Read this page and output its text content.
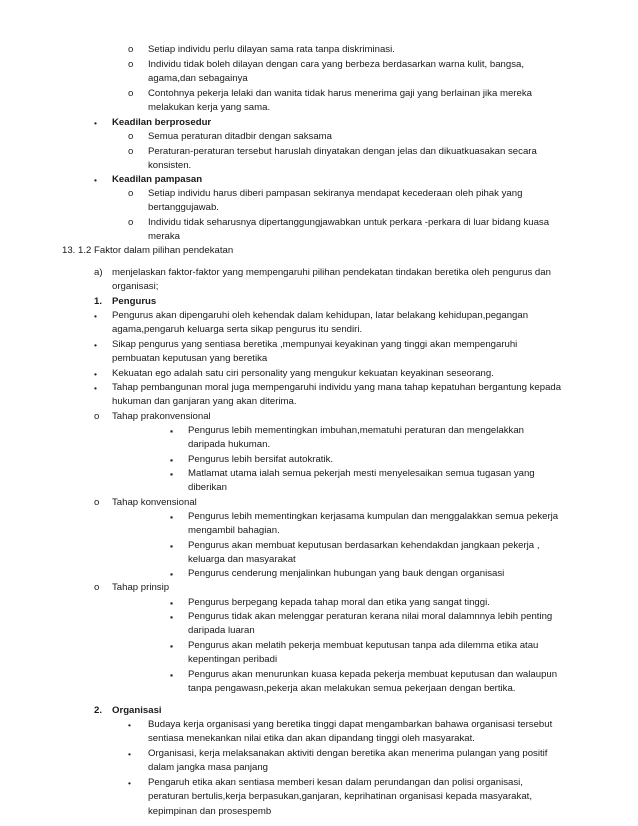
o Setiap individu perlu dilayan sama rata tanpa diskriminasi.
o Individu tidak boleh dilayan dengan cara yang berbeza berdasarkan warna kulit, bangsa,
agama,dan sebagainya
o Contohnya pekerja lelaki dan wanita tidak harus menerima gaji yang berlainan jika mereka
melakukan kerja yang sama.
• Keadilan berprosedur
o Semua peraturan ditadbir dengan saksama
o Peraturan-peraturan tersebut haruslah dinyatakan dengan jelas dan dikuatkuasakan secara
konsisten.
• Keadilan pampasan
o Setiap individu harus diberi pampasan sekiranya mendapat kecederaan oleh pihak yang
bertanggujawab.
o Individu tidak seharusnya dipertanggungjawabkan untuk perkara -perkara di luar bidang kuasa
meraka
13. 1.2 Faktor dalam pilihan pendekatan
a) menjelaskan faktor-faktor yang mempengaruhi pilihan pendekatan tindakan beretika oleh pengurus dan
organisasi;
1. Pengurus
• Pengurus akan dipengaruhi oleh kehendak dalam kehidupan, latar belakang kehidupan,pegangan
agama,pengaruh keluarga serta sikap pengurus itu sendiri.
• Sikap pengurus yang sentiasa beretika ,mempunyai keyakinan yang tinggi akan mempengaruhi
pembuatan keputusan yang beretika
• Kekuatan ego adalah satu ciri personality yang mengukur kekuatan keyakinan seseorang.
• Tahap pembangunan moral juga mempengaruhi individu yang mana tahap kepatuhan bergantung kepada
hukuman dan ganjaran yang akan diterima.
o Tahap prakonvensional
▪ Pengurus lebih mementingkan imbuhan,mematuhi peraturan dan mengelakkan
daripada hukuman.
▪ Pengurus lebih bersifat autokratik.
▪ Matlamat utama ialah semua pekerjah mesti menyelesaikan semua tugasan yang
diberikan
o Tahap konvensional
▪ Pengurus lebih mementingkan kerjasama kumpulan dan menggalakkan semua pekerja
mengambil bahagian.
▪ Pengurus akan membuat keputusan berdasarkan kehendakdan jangkaan pekerja ,
keluarga dan masyarakat
▪ Pengurus cenderung menjalinkan hubungan yang bauk dengan organisasi
o Tahap prinsip
▪ Pengurus berpegang kepada tahap moral dan etika yang sangat tinggi.
▪ Pengurus tidak akan melenggar peraturan kerana nilai moral dalamnnya lebih penting
daripada luaran
▪ Pengurus akan melatih pekerja membuat keputusan tanpa ada dilemma etika atau
kepentingan peribadi
▪ Pengurus akan menurunkan kuasa kepada pekerja membuat keputusan dan walaupun
tanpa pengawasn,pekerja akan melakukan semua pekerjaan dengan bertika.
2. Organisasi
• Budaya kerja organisasi yang beretika tinggi dapat mengambarkan bahawa organisasi tersebut
sentiasa menekankan nilai etika dan akan dipandang tinggi oleh masyarakat.
• Organisasi, kerja melaksanakan aktiviti dengan beretika akan menerima pulangan yang positif
dalam jangka masa panjang
• Pengaruh etika akan sentiasa memberi kesan dalam perundangan dan polisi organisasi,
peraturan bertulis,kerja berpasukan,ganjaran, keprihatinan organisasi kepada masyarakat,
kepimpinan dan prosespemb
